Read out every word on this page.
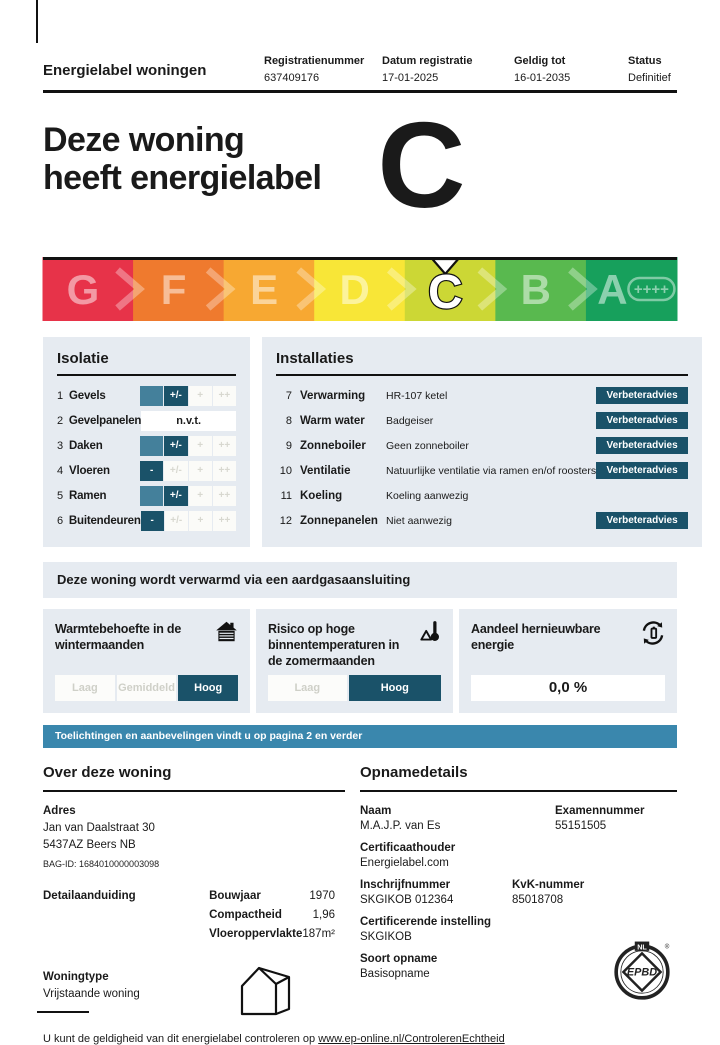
Energielabel woningen
Registratienummer
637409176
Datum registratie
17-01-2025
Geldig tot
16-01-2035
Status
Definitief
Deze woning
heeft energielabel C
G F E D	B A ++++
C
Isolatie
1 Gevels	-	+/-	+	++
2 Gevelpanelen	n.v.t.
3 Daken	-	+/-	+	++
4 Vloeren	-	+/-	+	++
5 Ramen	-	+/-	+	++
6 Buitendeuren -	+/-	+	++
Installaties
7 Verwarming	HR-107 ketel	Verbeteradvies
8 Warm water	Badgeiser	Verbeteradvies
9 Zonneboiler	Geen zonneboiler	Verbeteradvies
10 Ventilatie	Natuurlijke ventilatie via ramen en/of roosters	Verbeteradvies
11 Koeling	Koeling aanwezig
12 Zonnepanelen Niet aanwezig	Verbeteradvies
Deze woning wordt verwarmd via een aardgasaansluiting
Warmtebehoefte in de wintermaanden
Laag	Gemiddeld	Hoog
Risico op hoge binnentemperaturen in de zomermaanden
Laag	Hoog
Aandeel hernieuwbare energie
0,0 %
Toelichtingen en aanbevelingen vindt u op pagina 2 en verder
Over deze woning
Adres
Jan van Daalstraat 30
5437AZ Beers NB
BAG-ID: 1684010000003098
Detailaanduiding	Bouwjaar	1970
Compactheid	1,96
Vloeroppervlakte 187m²
Woningtype
Vrijstaande woning
Opnamedetails
Naam
M.A.J.P. van Es
Examennummer
55151505
Certificaathouder
Energielabel.com
Inschrijfnummer
SKGIKOB 012364
KvK-nummer
85018708
Certificerende instelling
SKGIKOB
Soort opname
Basisopname
NL
EPBD
®
U kunt de geldigheid van dit energielabel controleren op www.ep-online.nl/ControlerenEchtheid
